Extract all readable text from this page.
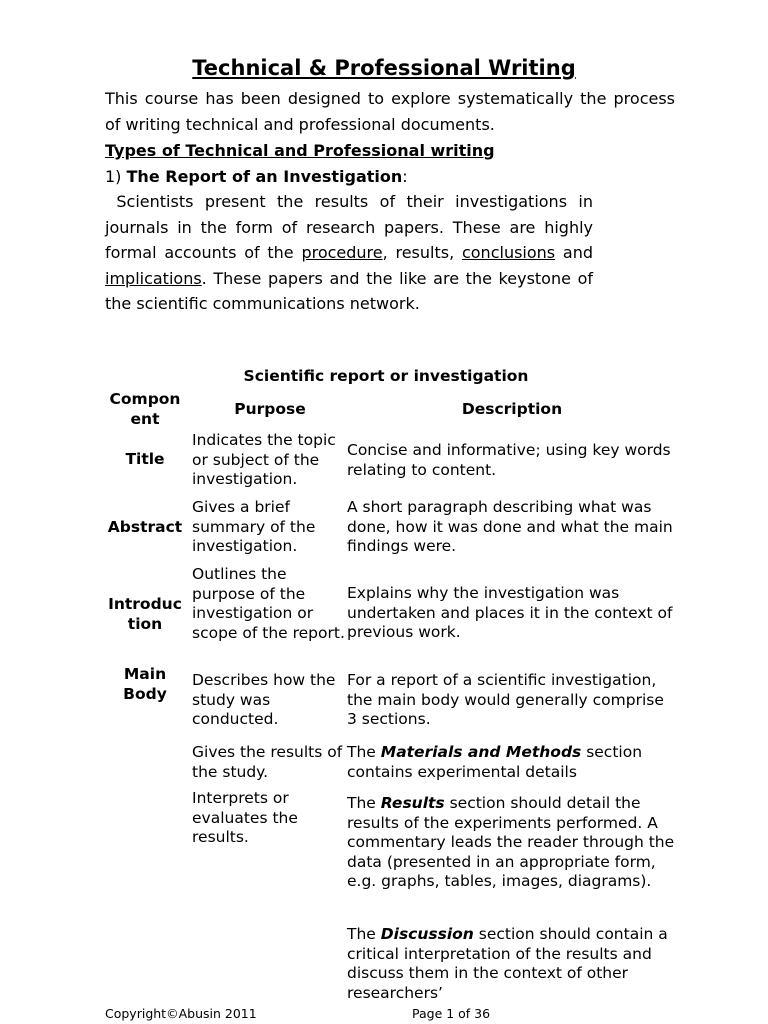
Technical & Professional Writing
This course has been designed to explore systematically the process of writing technical and professional documents.
Types of Technical and Professional writing
1) The Report of an Investigation:
Scientists present the results of their investigations in journals in the form of research papers. These are highly formal accounts of the procedure, results, conclusions and implications. These papers and the like are the keystone of the scientific communications network.
Scientific report or investigation
Compon ent
Purpose	Description
Title
Indicates the topic or subject of the investigation.
Concise and informative; using key words relating to content.
Abstract
Gives a brief summary of the investigation.
A short paragraph describing what was done, how it was done and what the main findings were.
Introduc tion
Outlines the purpose of the investigation or scope of the report.
Explains why the investigation was undertaken and places it in the context of previous work.
Main Body
Describes how the study was conducted.
For a report of a scientific investigation, the main body would generally comprise 3 sections.
Gives the results of the study.
The Materials and Methods section contains experimental details
Interprets or evaluates the results.
The Results section should detail the results of the experiments performed. A commentary leads the reader through the data (presented in an appropriate form, e.g. graphs, tables, images, diagrams).
The Discussion section should contain a critical interpretation of the results and discuss them in the context of other researchers’
Copyright©Abusin 2011	Page 1 of 36
